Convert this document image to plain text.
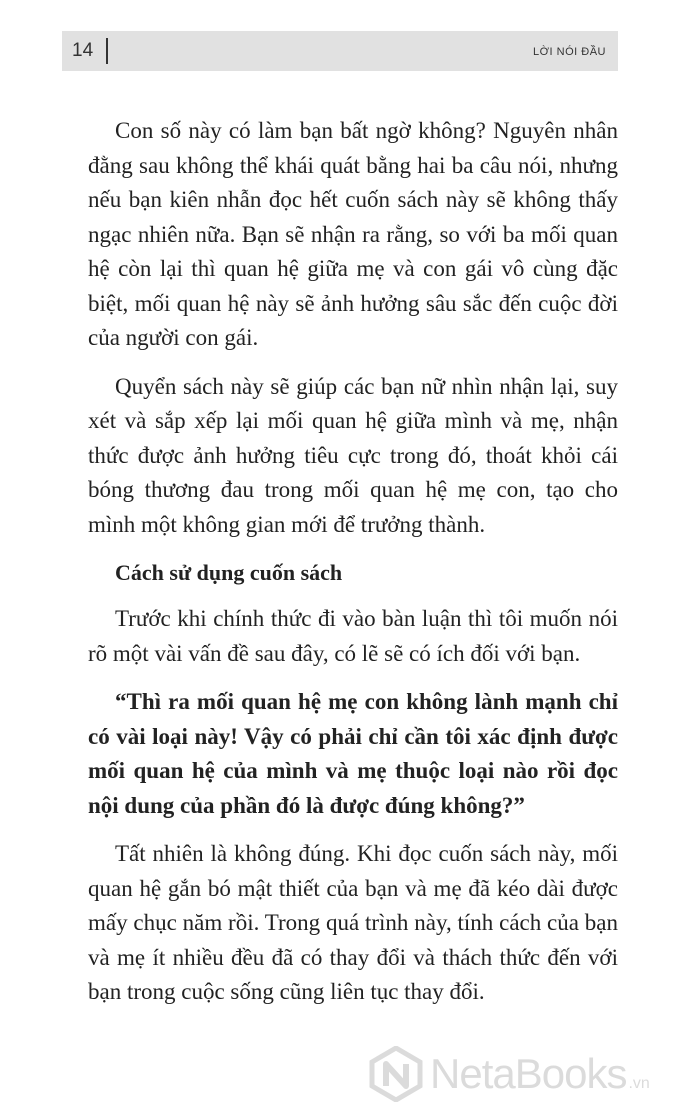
14	LỜI NÓI ĐẦU

Con số này có làm bạn bất ngờ không? Nguyên nhân đằng sau không thể khái quát bằng hai ba câu nói, nhưng nếu bạn kiên nhẫn đọc hết cuốn sách này sẽ không thấy ngạc nhiên nữa. Bạn sẽ nhận ra rằng, so với ba mối quan hệ còn lại thì quan hệ giữa mẹ và con gái vô cùng đặc biệt, mối quan hệ này sẽ ảnh hưởng sâu sắc đến cuộc đời của người con gái.

Quyển sách này sẽ giúp các bạn nữ nhìn nhận lại, suy xét và sắp xếp lại mối quan hệ giữa mình và mẹ, nhận thức được ảnh hưởng tiêu cực trong đó, thoát khỏi cái bóng thương đau trong mối quan hệ mẹ con, tạo cho mình một không gian mới để trưởng thành.

Cách sử dụng cuốn sách

Trước khi chính thức đi vào bàn luận thì tôi muốn nói rõ một vài vấn đề sau đây, có lẽ sẽ có ích đối với bạn.

“Thì ra mối quan hệ mẹ con không lành mạnh chỉ có vài loại này! Vậy có phải chỉ cần tôi xác định được mối quan hệ của mình và mẹ thuộc loại nào rồi đọc nội dung của phần đó là được đúng không?”

Tất nhiên là không đúng. Khi đọc cuốn sách này, mối quan hệ gắn bó mật thiết của bạn và mẹ đã kéo dài được mấy chục năm rồi. Trong quá trình này, tính cách của bạn và mẹ ít nhiều đều đã có thay đổi và thách thức đến với bạn trong cuộc sống cũng liên tục thay đổi.

NetaBooks .vn
